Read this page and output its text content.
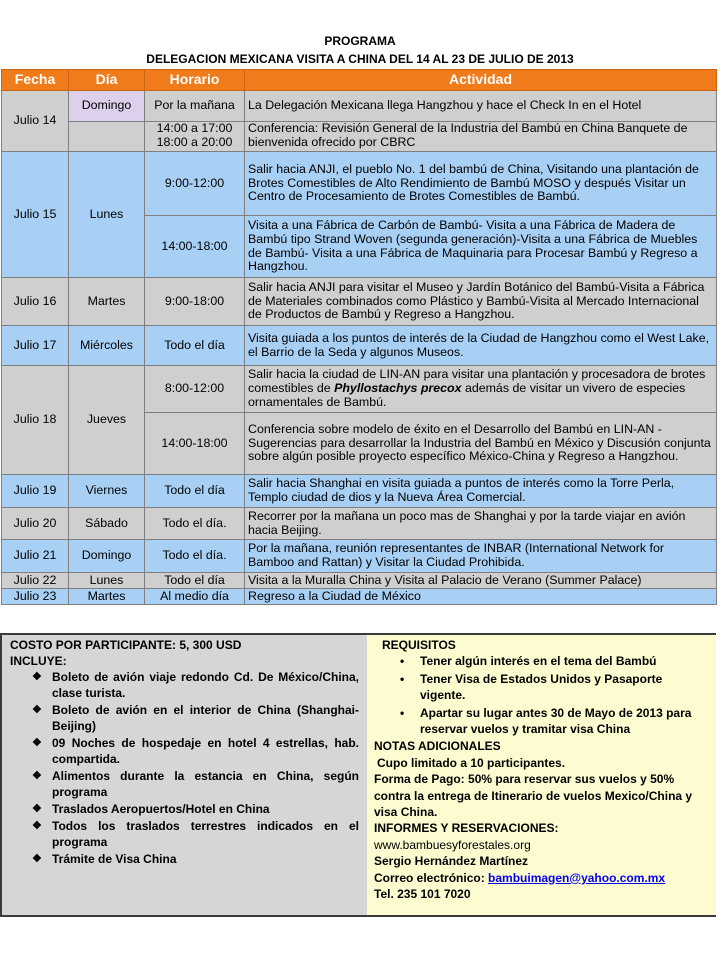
PROGRAMA
DELEGACION MEXICANA VISITA A CHINA DEL 14 AL 23 DE JULIO DE 2013
Fecha	Día	Horario	Actividad
Julio 14	Domingo	Por la mañana	La Delegación Mexicana llega Hangzhou y hace el Check In en el Hotel
		14:00 a 17:00 18:00 a 20:00	Conferencia: Revisión General de la Industria del Bambú en China Banquete de bienvenida ofrecido por CBRC
Julio 15	Lunes	9:00-12:00	Salir hacia ANJI, el pueblo No. 1 del bambú de China, Visitando una plantación de Brotes Comestibles de Alto Rendimiento de Bambú MOSO y después Visitar un Centro de Procesamiento de Brotes Comestibles de Bambú.
		14:00-18:00	Visita a una Fábrica de Carbón de Bambú- Visita a una Fábrica de Madera de Bambú tipo Strand Woven (segunda generación)-Visita a una Fábrica de Muebles de Bambú- Visita a una Fábrica de Maquinaria para Procesar Bambú y Regreso a Hangzhou.
Julio 16	Martes	9:00-18:00	Salir hacia ANJI para visitar el Museo y Jardín Botánico del Bambú-Visita a Fábrica de Materiales combinados como Plástico y Bambú-Visita al Mercado Internacional de Productos de Bambú y Regreso a Hangzhou.
Julio 17	Miércoles	Todo el día	Visita guiada a los puntos de interés de la Ciudad de Hangzhou como el West Lake, el Barrio de la Seda y algunos Museos.
Julio 18	Jueves	8:00-12:00	Salir hacia la ciudad de LIN-AN para visitar una plantación y procesadora de brotes comestibles de Phyllostachys precox además de visitar un vivero de especies ornamentales de Bambú.
		14:00-18:00	Conferencia sobre modelo de éxito en el Desarrollo del Bambú en LIN-AN -Sugerencias para desarrollar la Industria del Bambú en México y Discusión conjunta sobre algún posible proyecto específico México-China y Regreso a Hangzhou.
Julio 19	Viernes	Todo el día	Salir hacia Shanghai en visita guiada a puntos de interés como la Torre Perla, Templo ciudad de dios y la Nueva Área Comercial.
Julio 20	Sábado	Todo el día.	Recorrer por la mañana un poco mas de Shanghai y por la tarde viajar en avión hacia Beijing.
Julio 21	Domingo	Todo el día.	Por la mañana, reunión representantes de INBAR (International Network for Bamboo and Rattan) y Visitar la Ciudad Prohibida.
Julio 22	Lunes	Todo el día	Visita a la Muralla China y Visita al Palacio de Verano (Summer Palace)
Julio 23	Martes	Al medio día	Regreso a la Ciudad de México
COSTO POR PARTICIPANTE: 5, 300 USD
INCLUYE:
❖ Boleto de avión viaje redondo Cd. De México/China, clase turista.
❖ Boleto de avión en el interior de China (Shanghai-Beijing)
❖ 09 Noches de hospedaje en hotel 4 estrellas, hab. compartida.
❖ Alimentos durante la estancia en China, según programa
❖ Traslados Aeropuertos/Hotel en China
❖ Todos los traslados terrestres indicados en el programa
❖ Trámite de Visa China
REQUISITOS
• Tener algún interés en el tema del Bambú
• Tener Visa de Estados Unidos y Pasaporte vigente.
• Apartar su lugar antes 30 de Mayo de 2013 para reservar vuelos y tramitar visa China
NOTAS ADICIONALES
Cupo limitado a 10 participantes.
Forma de Pago: 50% para reservar sus vuelos y 50% contra la entrega de Itinerario de vuelos Mexico/China y visa China.
INFORMES Y RESERVACIONES:
www.bambuesyforestales.org
Sergio Hernández Martínez
Correo electrónico: bambuimagen@yahoo.com.mx
Tel. 235 101 7020
